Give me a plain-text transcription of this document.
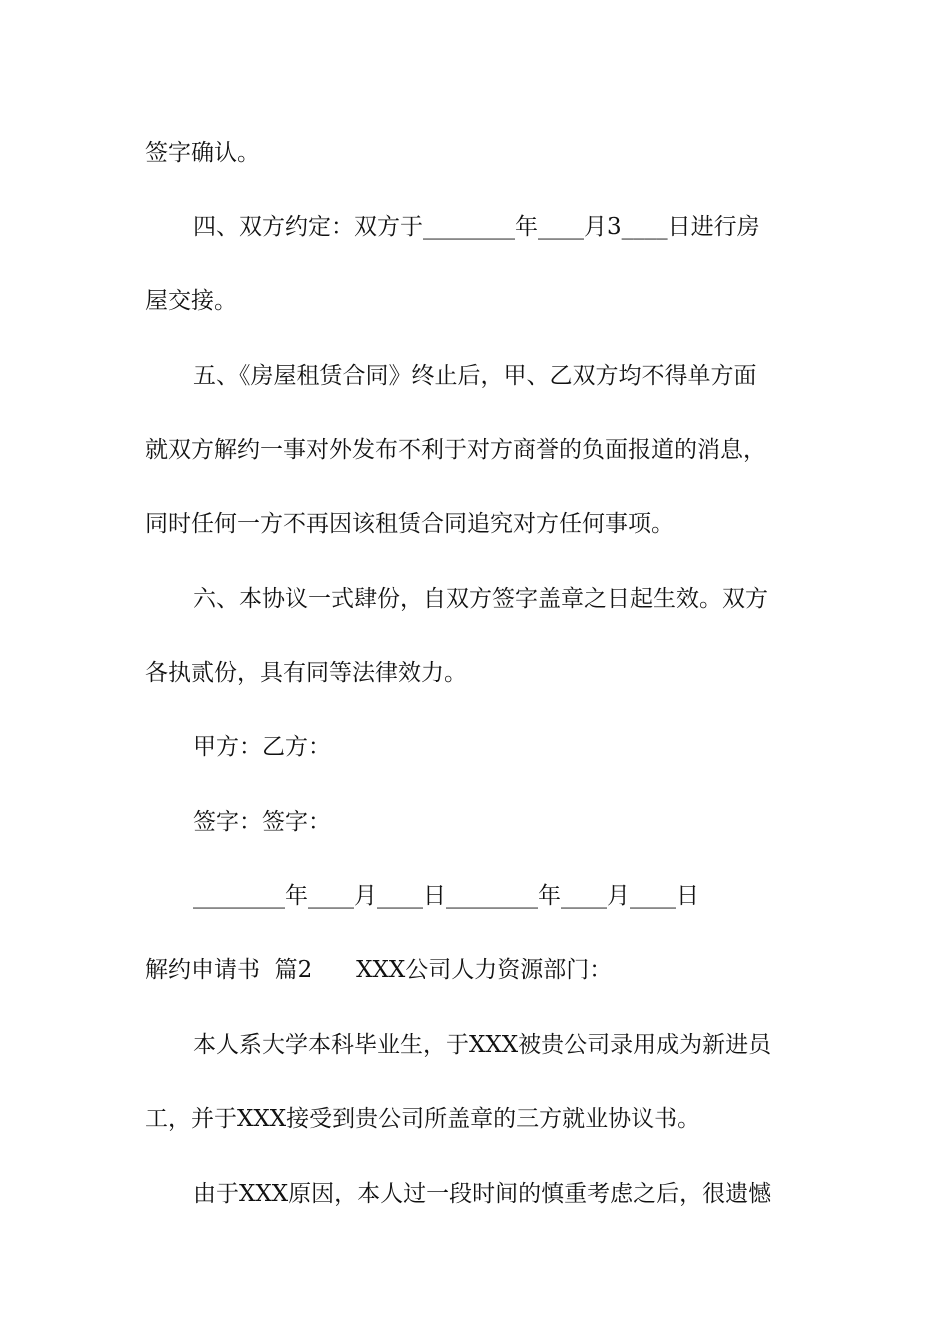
签字确认。
四、双方约定：双方于________年____月3____日进行房
屋交接。
五、《房屋租赁合同》终止后，甲、乙双方均不得单方面
就双方解约一事对外发布不利于对方商誉的负面报道的消息，
同时任何一方不再因该租赁合同追究对方任何事项。
六、本协议一式肆份，自双方签字盖章之日起生效。双方
各执贰份，具有同等法律效力。
甲方：乙方：
签字：签字：
________年____月____日________年____月____日
解约申请书  篇2      XXX公司人力资源部门：
本人系大学本科毕业生，于XXX被贵公司录用成为新进员
工，并于XXX接受到贵公司所盖章的三方就业协议书。
由于XXX原因，本人过一段时间的慎重考虑之后，很遗憾
